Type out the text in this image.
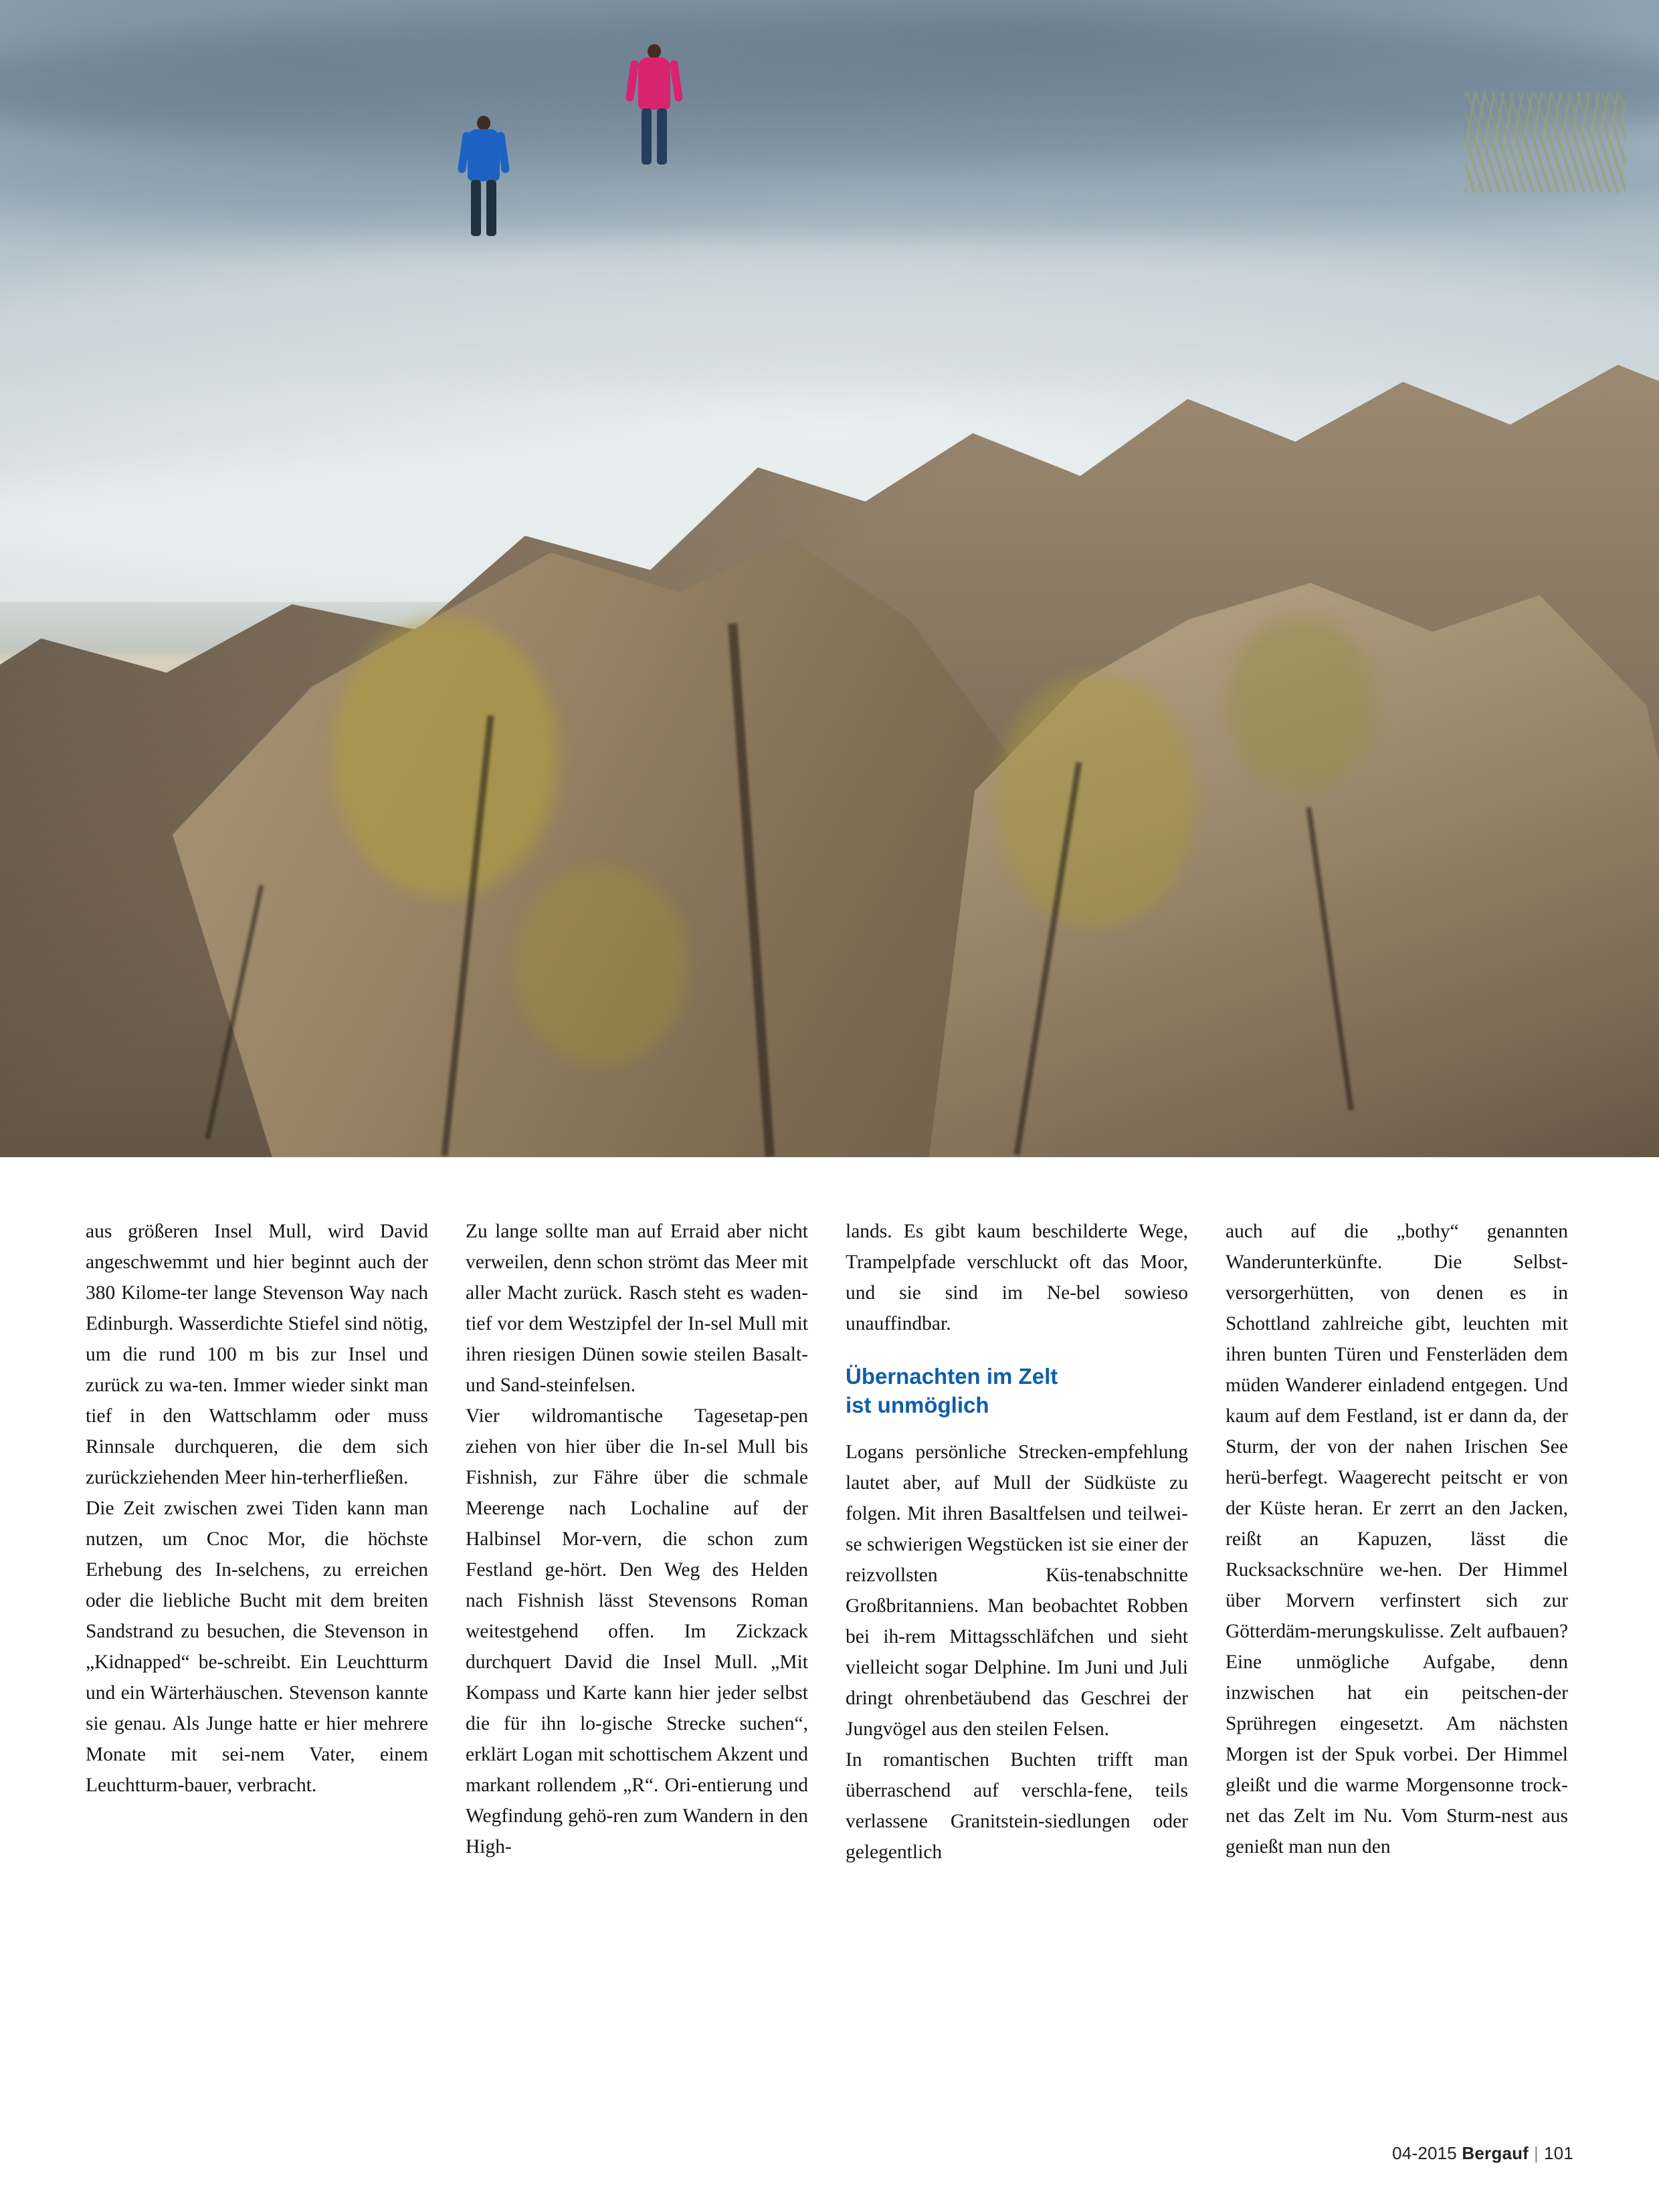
aus größeren Insel Mull, wird David angeschwemmt und hier beginnt auch der 380 Kilome-ter lange Stevenson Way nach Edinburgh. Wasserdichte Stiefel sind nötig, um die rund 100 m bis zur Insel und zurück zu wa-ten. Immer wieder sinkt man tief in den Wattschlamm oder muss Rinnsale durchqueren, die dem sich zurückziehenden Meer hin-terherfließen.

Die Zeit zwischen zwei Tiden kann man nutzen, um Cnoc Mor, die höchste Erhebung des In-selchens, zu erreichen oder die liebliche Bucht mit dem breiten Sandstrand zu besuchen, die Stevenson in „Kidnapped“ be-schreibt. Ein Leuchtturm und ein Wärterhäuschen. Stevenson kannte sie genau. Als Junge hatte er hier mehrere Monate mit sei-nem Vater, einem Leuchtturm-bauer, verbracht.

Zu lange sollte man auf Erraid aber nicht verweilen, denn schon strömt das Meer mit aller Macht zurück. Rasch steht es waden-tief vor dem Westzipfel der In-sel Mull mit ihren riesigen Dünen sowie steilen Basalt- und Sand-steinfelsen.

Vier wildromantische Tagesetap-pen ziehen von hier über die In-sel Mull bis Fishnish, zur Fähre über die schmale Meerenge nach Lochaline auf der Halbinsel Mor-vern, die schon zum Festland ge-hört. Den Weg des Helden nach Fishnish lässt Stevensons Roman weitestgehend offen. Im Zickzack durchquert David die Insel Mull. „Mit Kompass und Karte kann hier jeder selbst die für ihn lo-gische Strecke suchen“, erklärt Logan mit schottischem Akzent und markant rollendem „R“. Ori-entierung und Wegfindung gehö-ren zum Wandern in den High-

lands. Es gibt kaum beschilderte Wege, Trampelpfade verschluckt oft das Moor, und sie sind im Ne-bel sowieso unauffindbar.

Übernachten im Zelt
ist unmöglich

Logans persönliche Strecken-empfehlung lautet aber, auf Mull der Südküste zu folgen. Mit ihren Basaltfelsen und teilwei-se schwierigen Wegstücken ist sie einer der reizvollsten Küs-tenabschnitte Großbritanniens. Man beobachtet Robben bei ih-rem Mittagsschläfchen und sieht vielleicht sogar Delphine. Im Juni und Juli dringt ohrenbetäubend das Geschrei der Jungvögel aus den steilen Felsen.

In romantischen Buchten trifft man überraschend auf verschla-fene, teils verlassene Granitstein-siedlungen oder gelegentlich

auch auf die „bothy“ genannten Wanderunterkünfte. Die Selbst-versorgerhütten, von denen es in Schottland zahlreiche gibt, leuchten mit ihren bunten Türen und Fensterläden dem müden Wanderer einladend entgegen. Und kaum auf dem Festland, ist er dann da, der Sturm, der von der nahen Irischen See herü-berfegt. Waagerecht peitscht er von der Küste heran. Er zerrt an den Jacken, reißt an Kapuzen, lässt die Rucksackschnüre we-hen. Der Himmel über Morvern verfinstert sich zur Götterdäm-merungskulisse. Zelt aufbauen? Eine unmögliche Aufgabe, denn inzwischen hat ein peitschen-der Sprühregen eingesetzt. Am nächsten Morgen ist der Spuk vorbei. Der Himmel gleißt und die warme Morgensonne trock-net das Zelt im Nu. Vom Sturm-nest aus genießt man nun den

04-2015 Bergauf | 101
